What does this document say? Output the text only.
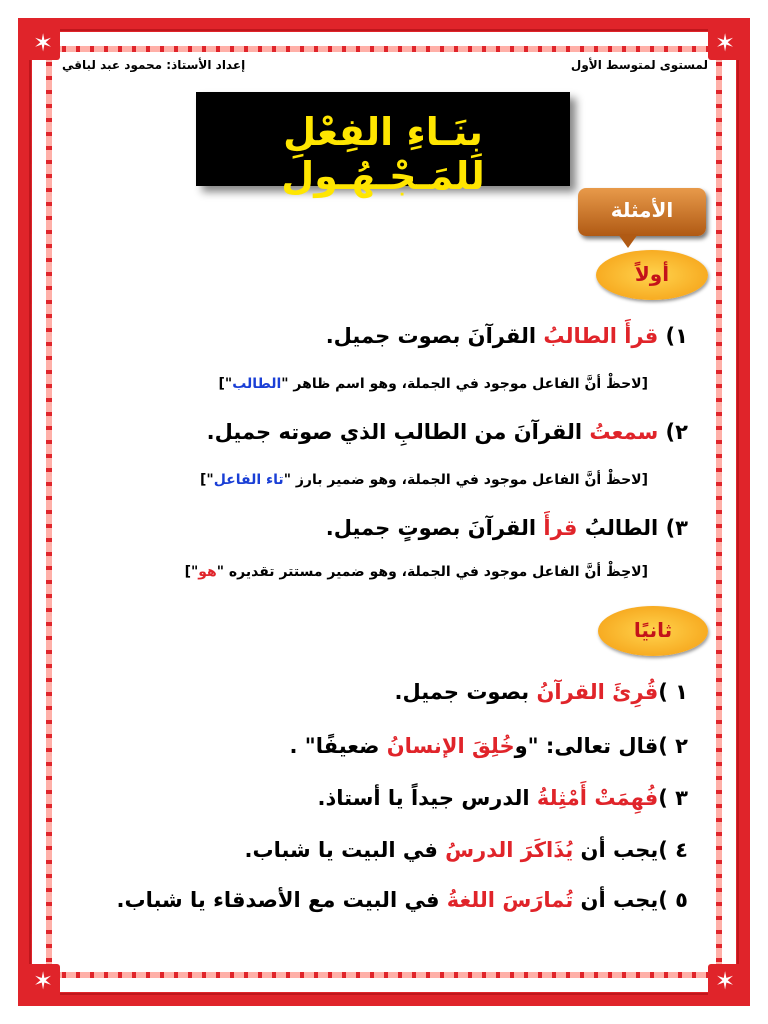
✶
✶
✶
✶
لمستوى لمتوسط الأول
إعداد الأستاذ: محمود عبد لباقي
بِنَـاءِ الفِعْلِ للمَـجْـهُـول
الأمثلة
أولاً
١) قرأَ الطالبُ القرآنَ بصوت جميل.
[لاحظْ أنَّ الفاعل موجود في الجملة، وهو اسم ظاهر "الطالب"]
٢) سمعتُ القرآنَ من الطالبِ الذي صوته جميل.
[لاحظْ أنَّ الفاعل موجود في الجملة، وهو ضمير بارز "تاء الفاعل"]
٣) الطالبُ قرأَ القرآنَ بصوتٍ جميل.
[لاحِظْ أنَّ الفاعل موجود في الجملة، وهو ضمير مستتر تقديره "هو"]
ثانيًا
١ )قُرِئَ القرآنُ بصوت جميل.
٢ )قال تعالى: "وخُلِقَ الإنسانُ ضعيفًا" .
٣ )فُهِمَتْ أَمْثِلةُ الدرس جيداً يا أستاذ.
٤ )يجب أن يُذَاكَرَ الدرسُ في البيت يا شباب.
٥ )يجب أن تُمارَسَ اللغةُ في البيت مع الأصدقاء يا شباب.
